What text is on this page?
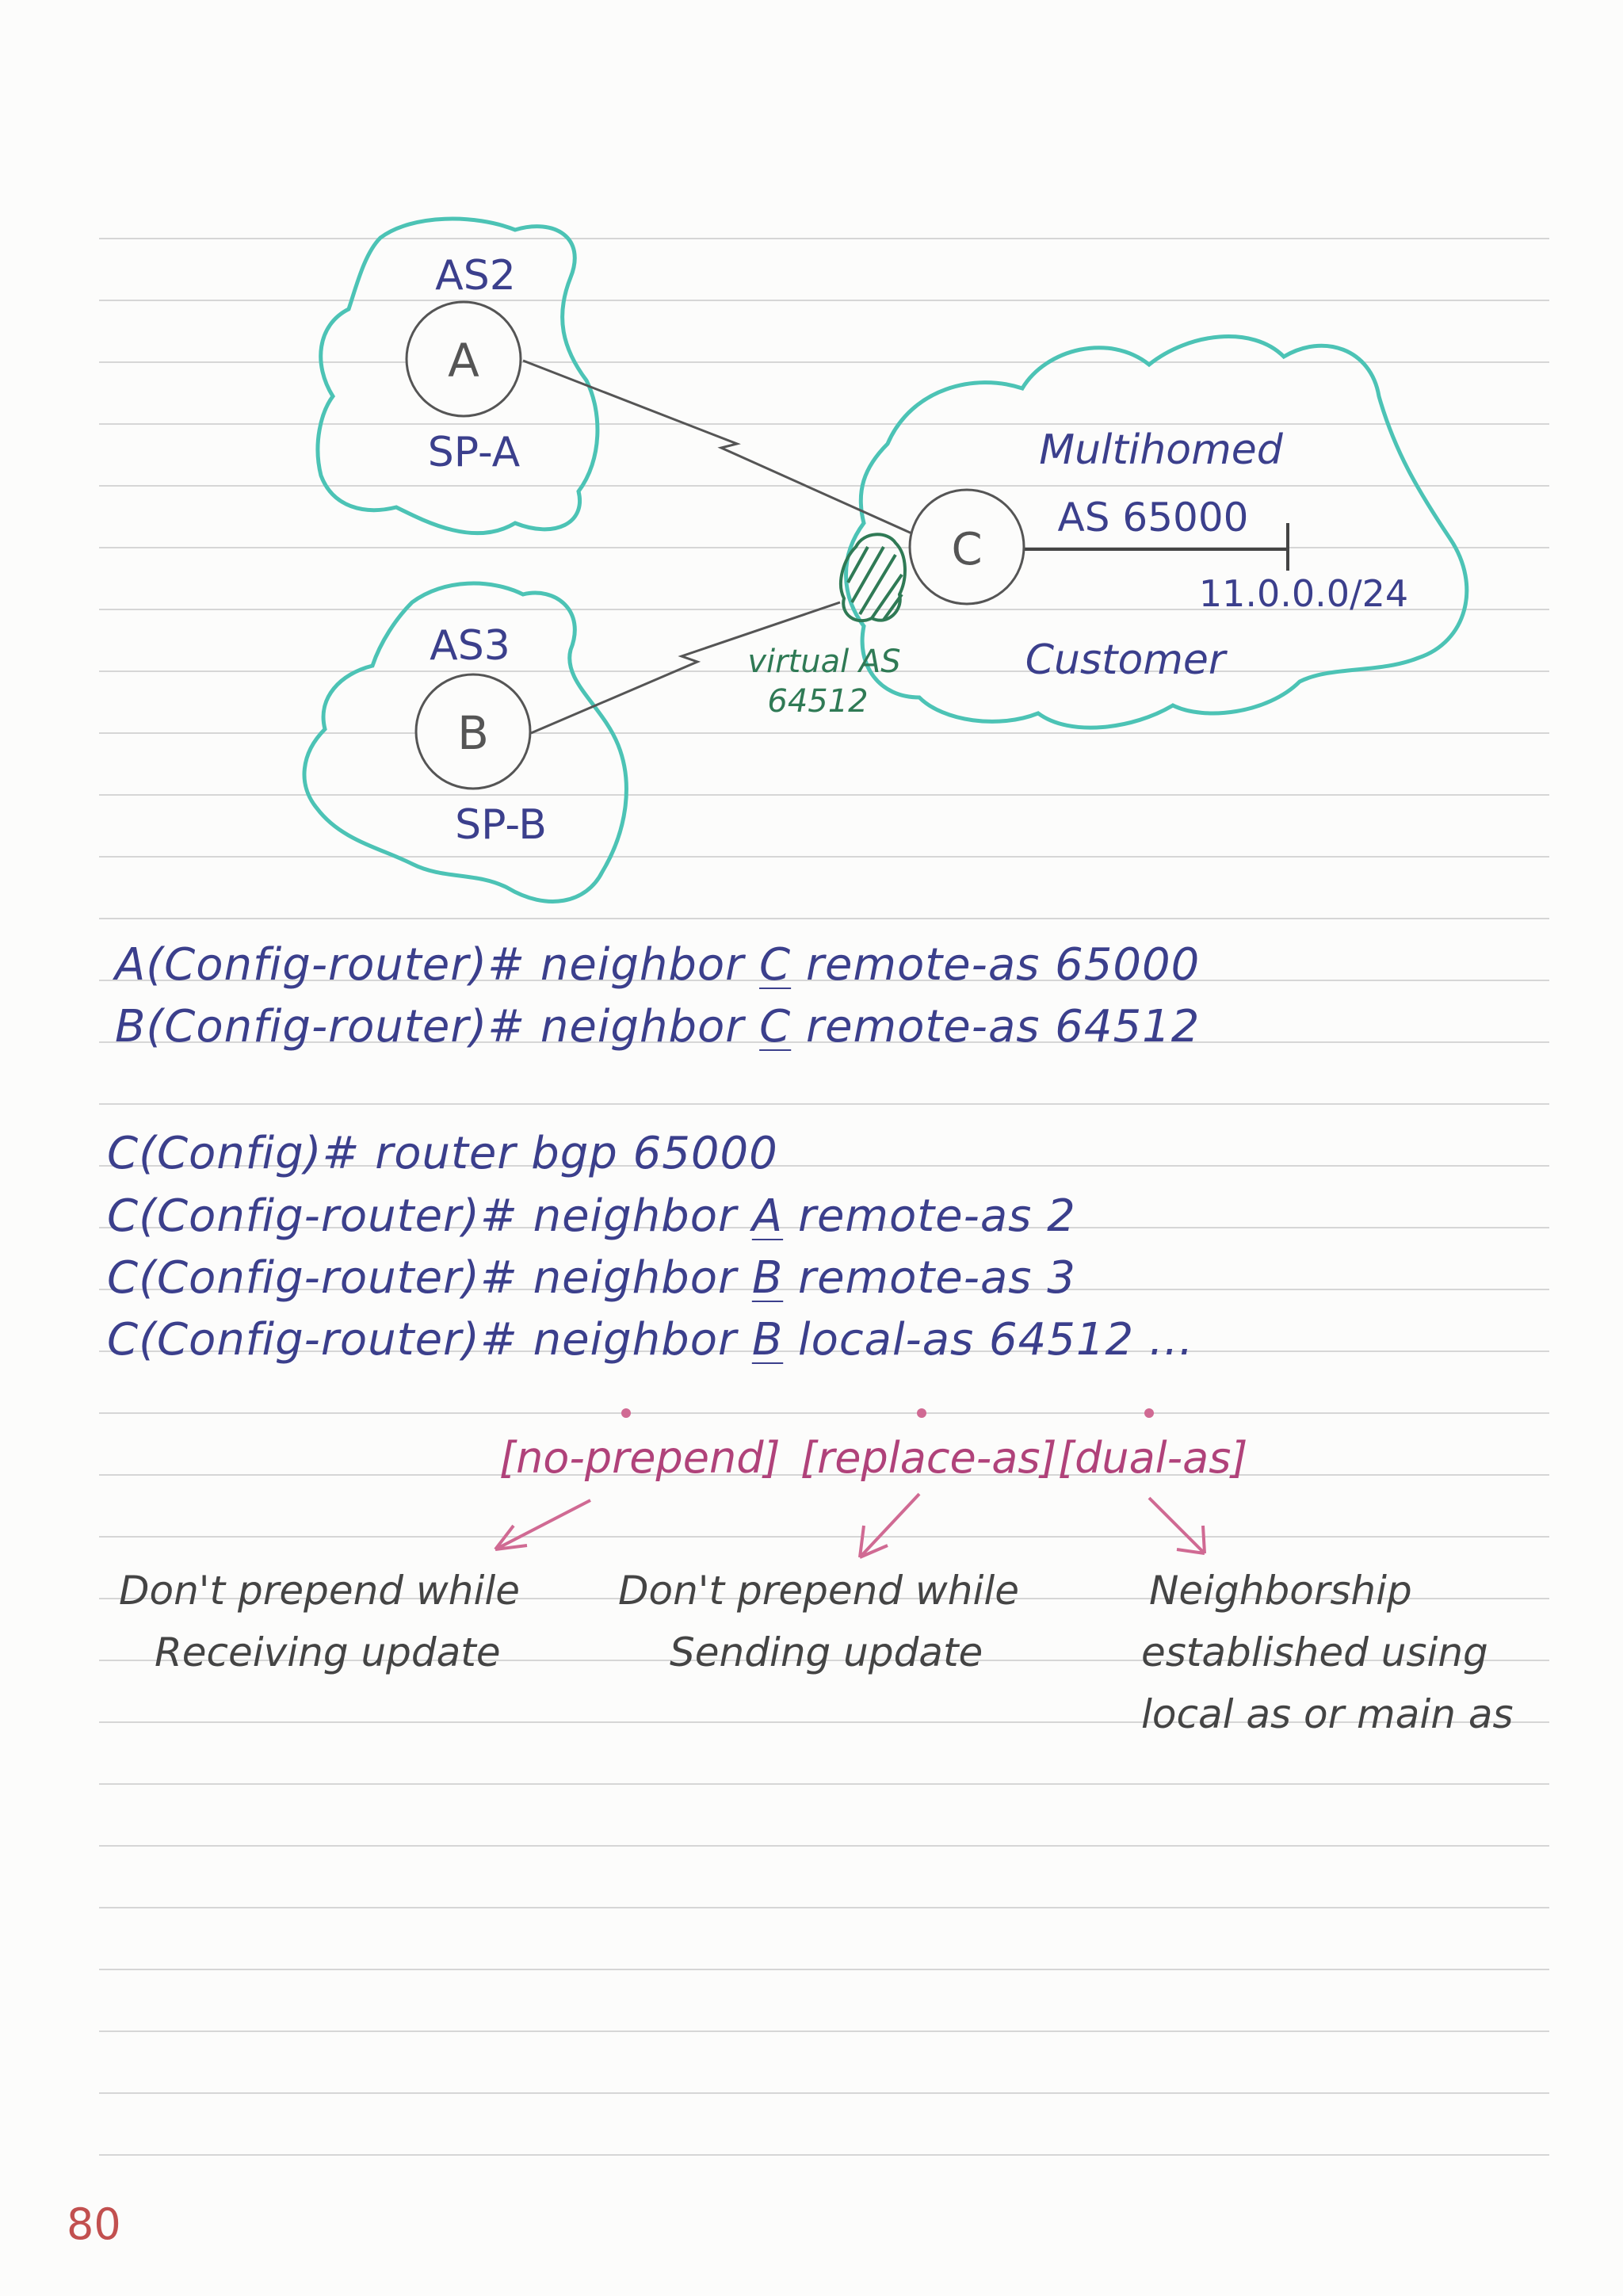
A
B
C
AS2
SP-A
AS3
SP-B
Multihomed
AS 65000
11.0.0.0/24
Customer
virtual AS
64512
A(Config-router)# neighbor C remote-as 65000
B(Config-router)# neighbor C remote-as 64512
C(Config)# router bgp 65000
C(Config-router)# neighbor A remote-as 2
C(Config-router)# neighbor B remote-as 3
C(Config-router)# neighbor B local-as 64512 ...
[no-prepend] [replace-as] [dual-as]
Don't prepend while
Receiving update
Don't prepend while
Sending update
Neighborship
established using
local as or main as
80
